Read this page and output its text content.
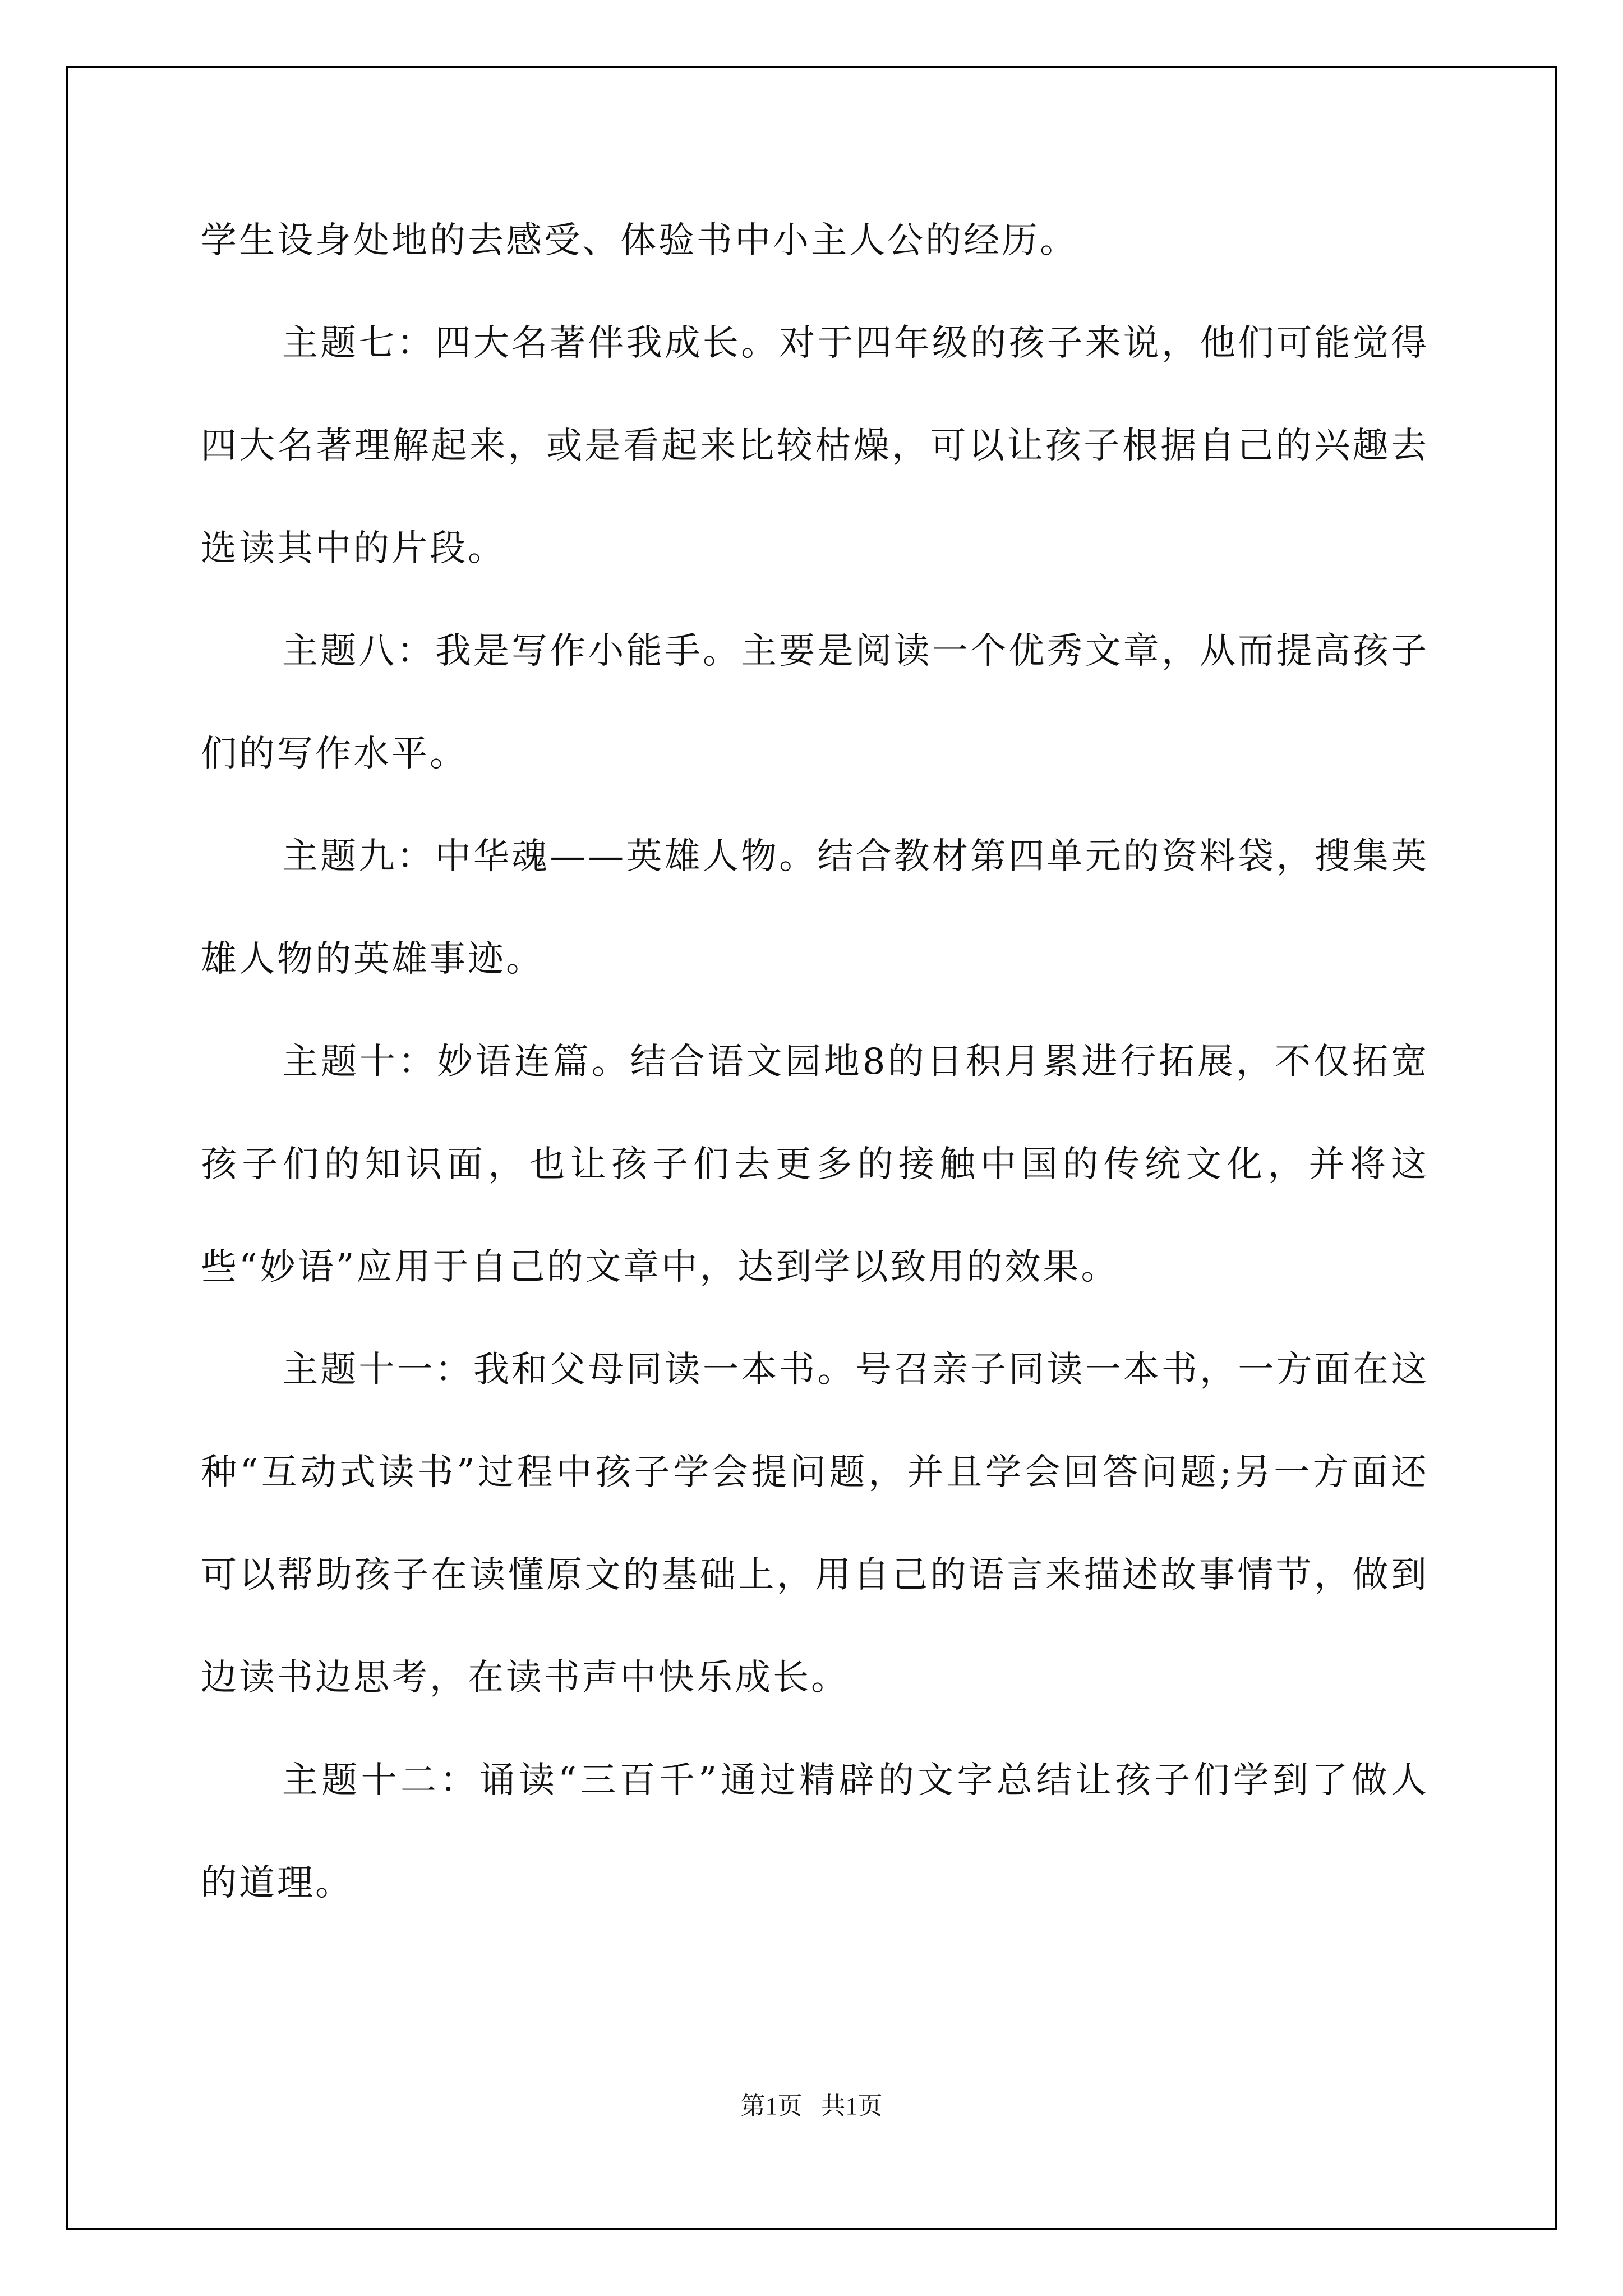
学生设身处地的去感受、体验书中小主人公的经历。

主题七：四大名著伴我成长。对于四年级的孩子来说，他们可能觉得四大名著理解起来，或是看起来比较枯燥，可以让孩子根据自己的兴趣去选读其中的片段。

主题八：我是写作小能手。主要是阅读一个优秀文章，从而提高孩子们的写作水平。

主题九：中华魂——英雄人物。结合教材第四单元的资料袋，搜集英雄人物的英雄事迹。

主题十：妙语连篇。结合语文园地8的日积月累进行拓展，不仅拓宽孩子们的知识面，也让孩子们去更多的接触中国的传统文化，并将这些“妙语”应用于自己的文章中，达到学以致用的效果。

主题十一：我和父母同读一本书。号召亲子同读一本书，一方面在这种“互动式读书”过程中孩子学会提问题，并且学会回答问题;另一方面还可以帮助孩子在读懂原文的基础上，用自己的语言来描述故事情节，做到边读书边思考，在读书声中快乐成长。

主题十二：诵读“三百千”通过精辟的文字总结让孩子们学到了做人的道理。

第1页   共1页
